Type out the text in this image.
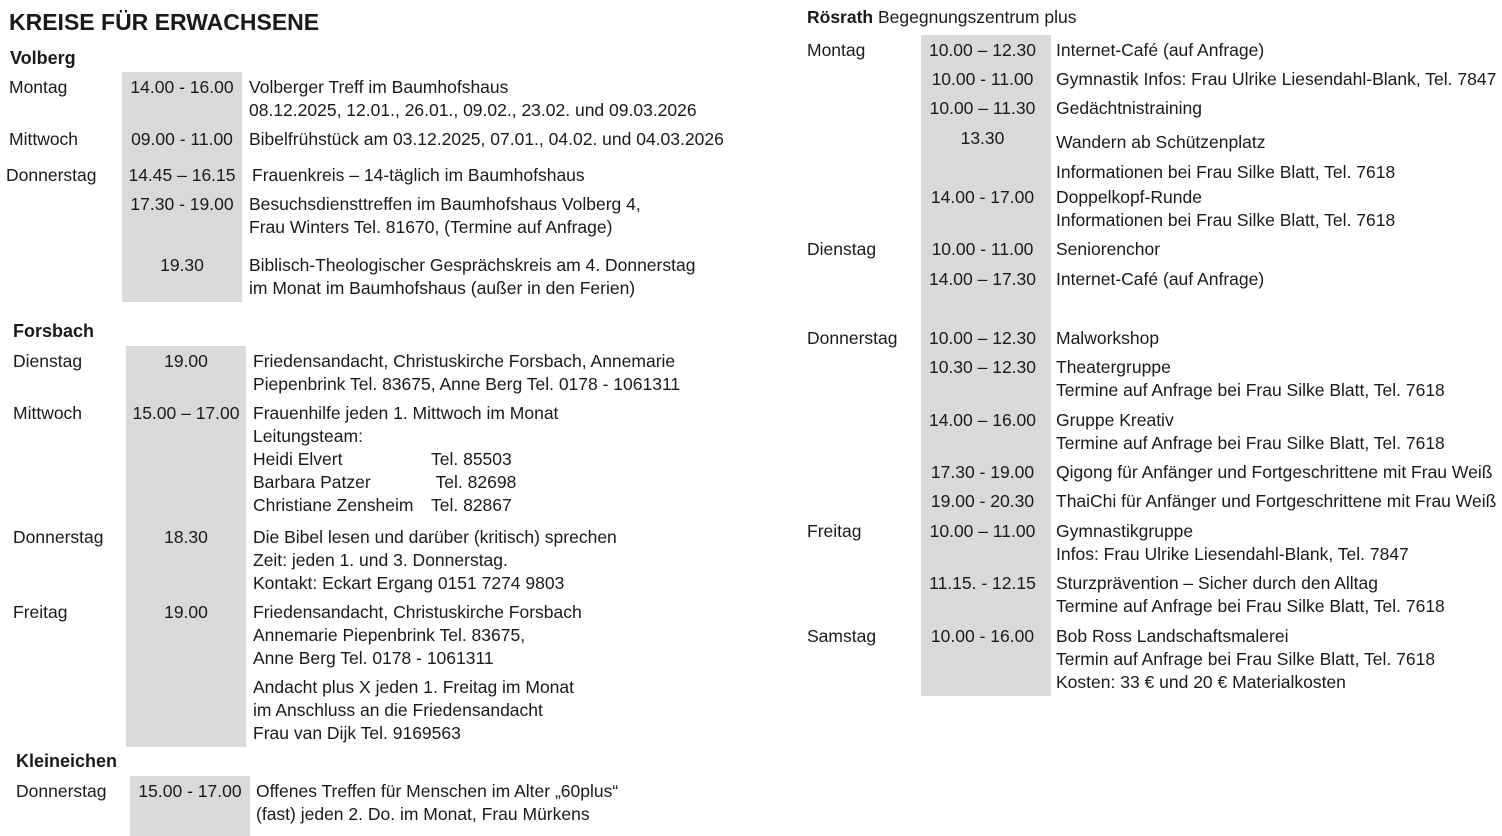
KREISE FÜR ERWACHSENE
Volberg
Montag	14.00 - 16.00 Volberger Treff im Baumhofshaus
08.12.2025, 12.01., 26.01., 09.02., 23.02. und 09.03.2026
Mittwoch	09.00 - 11.00 Bibelfrühstück am 03.12.2025, 07.01., 04.02. und 04.03.2026
Donnerstag	14.45 – 16.15 Frauenkreis – 14-täglich im Baumhofshaus
17.30 - 19.00 Besuchsdiensttreffen im Baumhofshaus Volberg 4,
Frau Winters Tel. 81670, (Termine auf Anfrage)
19.30	Biblisch-Theologischer Gesprächskreis am 4. Donnerstag
im Monat im Baumhofshaus (außer in den Ferien)
Forsbach
Dienstag	19.00	Friedensandacht, Christuskirche Forsbach, Annemarie
Piepenbrink Tel. 83675, Anne Berg Tel. 0178 - 1061311
Mittwoch	15.00 – 17.00 Frauenhilfe jeden 1. Mittwoch im Monat
Leitungsteam:
Heidi Elvert	Tel. 85503
Barbara Patzer	Tel. 82698
Christiane Zensheim Tel. 82867
Donnerstag	18.30	Die Bibel lesen und darüber (kritisch) sprechen
Zeit: jeden 1. und 3. Donnerstag.
Kontakt: Eckart Ergang 0151 7274 9803
Freitag	19.00	Friedensandacht, Christuskirche Forsbach
Annemarie Piepenbrink Tel. 83675,
Anne Berg Tel. 0178 - 1061311
Andacht plus X jeden 1. Freitag im Monat
im Anschluss an die Friedensandacht
Frau van Dijk Tel. 9169563
Kleineichen
Donnerstag	15.00 - 17.00 Offenes Treffen für Menschen im Alter „60plus“
(fast) jeden 2. Do. im Monat, Frau Mürkens
Rösrath Begegnungszentrum plus
Montag	10.00 – 12.30	Internet-Café (auf Anfrage)
10.00 - 11.00	Gymnastik Infos: Frau Ulrike Liesendahl-Blank, Tel. 7847
10.00 – 11.30	Gedächtnistraining
13.30	Wandern ab Schützenplatz
Informationen bei Frau Silke Blatt, Tel. 7618
14.00 - 17.00	Doppelkopf-Runde
Informationen bei Frau Silke Blatt, Tel. 7618
Dienstag	10.00 - 11.00	Seniorenchor
14.00 – 17.30	Internet-Café (auf Anfrage)
Donnerstag	10.00 – 12.30	Malworkshop
10.30 – 12.30	Theatergruppe
Termine auf Anfrage bei Frau Silke Blatt, Tel. 7618
14.00 – 16.00	Gruppe Kreativ
Termine auf Anfrage bei Frau Silke Blatt, Tel. 7618
17.30 - 19.00	Qigong für Anfänger und Fortgeschrittene mit Frau Weiß
19.00 - 20.30	ThaiChi für Anfänger und Fortgeschrittene mit Frau Weiß
Freitag	10.00 – 11.00	Gymnastikgruppe
Infos: Frau Ulrike Liesendahl-Blank, Tel. 7847
11.15. - 12.15	Sturzprävention – Sicher durch den Alltag
Termine auf Anfrage bei Frau Silke Blatt, Tel. 7618
Samstag	10.00 - 16.00	Bob Ross Landschaftsmalerei
Termin auf Anfrage bei Frau Silke Blatt, Tel. 7618
Kosten: 33 € und 20 € Materialkosten
